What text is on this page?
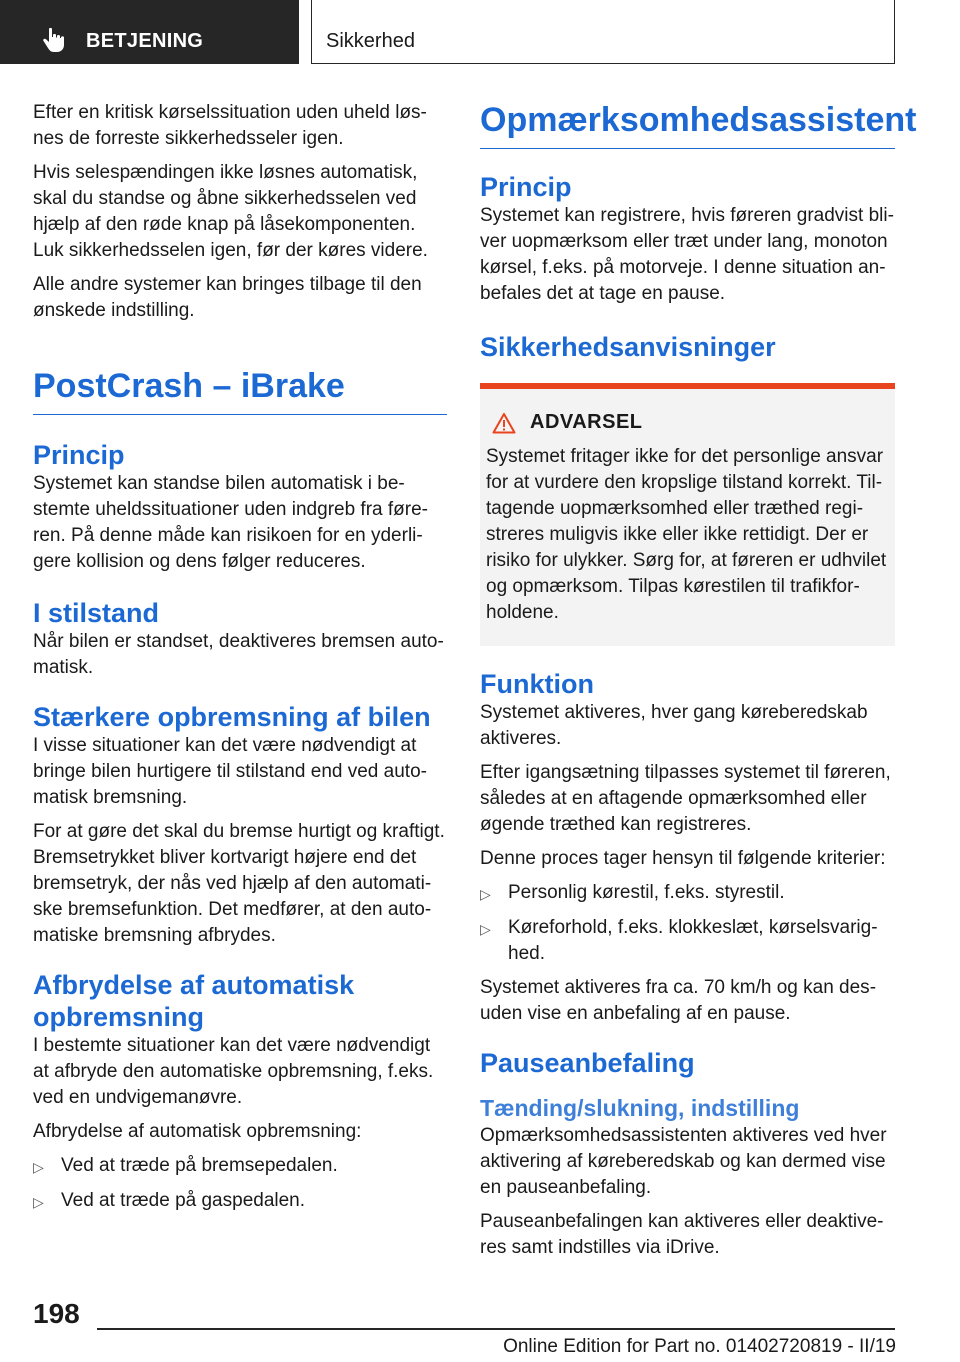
BETJENING	Sikkerhed

Efter en kritisk kørselssituation uden uheld løs-
nes de forreste sikkerhedsseler igen.

Hvis selespændingen ikke løsnes automatisk, skal du standse og åbne sikkerhedsselen ved hjælp af den røde knap på låsekomponenten. Luk sikkerhedsselen igen, før der køres videre.

Alle andre systemer kan bringes tilbage til den ønskede indstilling.

PostCrash – iBrake
Princip

Systemet kan standse bilen automatisk i bestemte uheldssituationer uden indgreb fra føreren. På denne måde kan risikoen for en yderligere kollision og dens følger reduceres.

I stilstand

Når bilen er standset, deaktiveres bremsen automatisk.

Stærkere opbremsning af bilen

I visse situationer kan det være nødvendigt at bringe bilen hurtigere til stilstand end ved automatisk bremsning.

For at gøre det skal du bremse hurtigt og kraftigt. Bremsetrykket bliver kortvarigt højere end det bremsetryk, der nås ved hjælp af den automatiske bremsefunktion. Det medfører, at den automatiske bremsning afbrydes.

Afbrydelse af automatisk opbremsning

I bestemte situationer kan det være nødvendigt at afbryde den automatiske opbremsning, f.eks. ved en undvigemanøvre.

Afbrydelse af automatisk opbremsning:

▷ Ved at træde på bremsepedalen.
▷ Ved at træde på gaspedalen.
Opmærksomhedsassistent
Princip

Systemet kan registrere, hvis føreren gradvist bliver uopmærksom eller træt under lang, monoton kørsel, f.eks. på motorveje. I denne situation anbefales det at tage en pause.

Sikkerhedsanvisninger
ADVARSEL

Systemet fritager ikke for det personlige ansvar for at vurdere den kropslige tilstand korrekt. Tiltagende uopmærksomhed eller træthed registreres muligvis ikke eller ikke rettidigt. Der er risiko for ulykker. Sørg for, at føreren er udhvilet og opmærksom. Tilpas kørestilen til trafikforholdene.

Funktion

Systemet aktiveres, hver gang køreberedskab aktiveres.

Efter igangsætning tilpasses systemet til føreren, således at en aftagende opmærksomhed eller øgende træthed kan registreres.

Denne proces tager hensyn til følgende kriterier:

▷ Personlig kørestil, f.eks. styrestil.
▷ Køreforhold, f.eks. klokkeslæt, kørselsvarighed.

Systemet aktiveres fra ca. 70 km/h og kan desuden vise en anbefaling af en pause.

Pauseanbefaling
Tænding/slukning, indstilling

Opmærksomhedsassistenten aktiveres ved hver aktivering af køreberedskab og kan dermed vise en pauseanbefaling.

Pauseanbefalingen kan aktiveres eller deaktiveres samt indstilles via iDrive.

198
Online Edition for Part no. 01402720819 - II/19
